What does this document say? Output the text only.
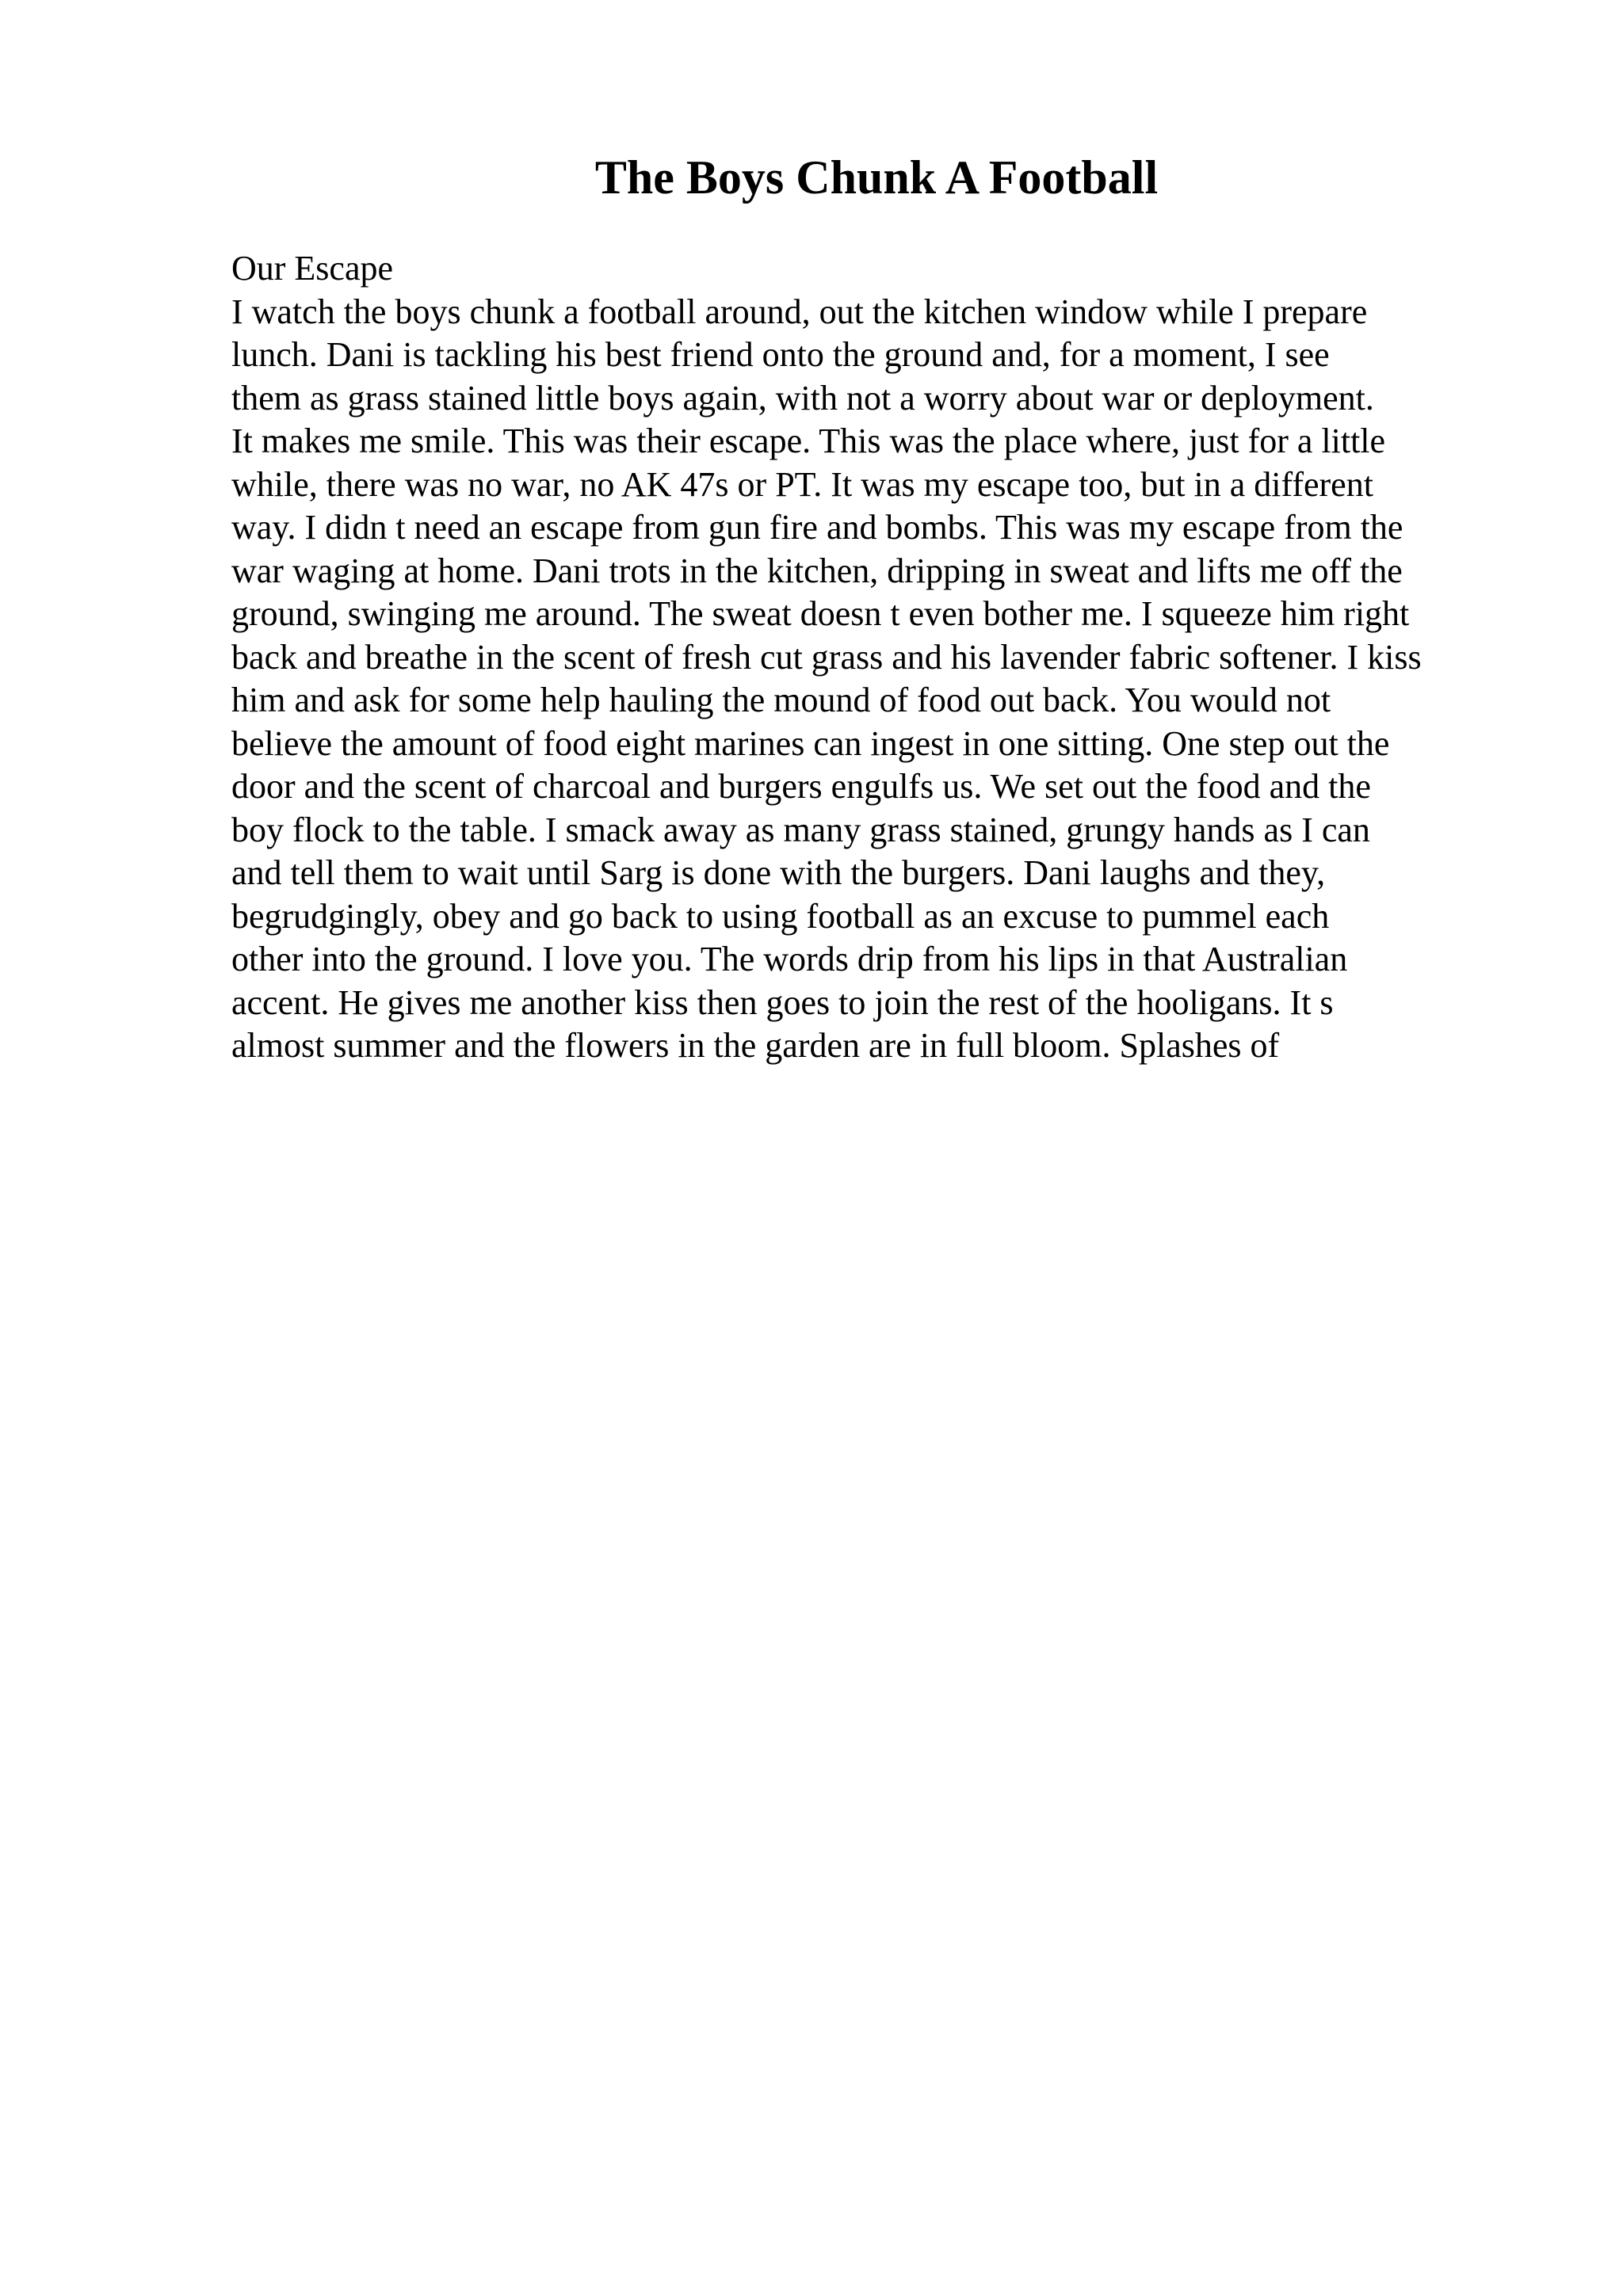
The Boys Chunk A Football
Our Escape
I watch the boys chunk a football around, out the kitchen window while I prepare
lunch. Dani is tackling his best friend onto the ground and, for a moment, I see
them as grass stained little boys again, with not a worry about war or deployment.
It makes me smile. This was their escape. This was the place where, just for a little
while, there was no war, no AK 47s or PT. It was my escape too, but in a different
way. I didn t need an escape from gun fire and bombs. This was my escape from the
war waging at home. Dani trots in the kitchen, dripping in sweat and lifts me off the
ground, swinging me around. The sweat doesn t even bother me. I squeeze him right
back and breathe in the scent of fresh cut grass and his lavender fabric softener. I kiss
him and ask for some help hauling the mound of food out back. You would not
believe the amount of food eight marines can ingest in one sitting. One step out the
door and the scent of charcoal and burgers engulfs us. We set out the food and the
boy flock to the table. I smack away as many grass stained, grungy hands as I can
and tell them to wait until Sarg is done with the burgers. Dani laughs and they,
begrudgingly, obey and go back to using football as an excuse to pummel each
other into the ground. I love you. The words drip from his lips in that Australian
accent. He gives me another kiss then goes to join the rest of the hooligans. It s
almost summer and the flowers in the garden are in full bloom. Splashes of
